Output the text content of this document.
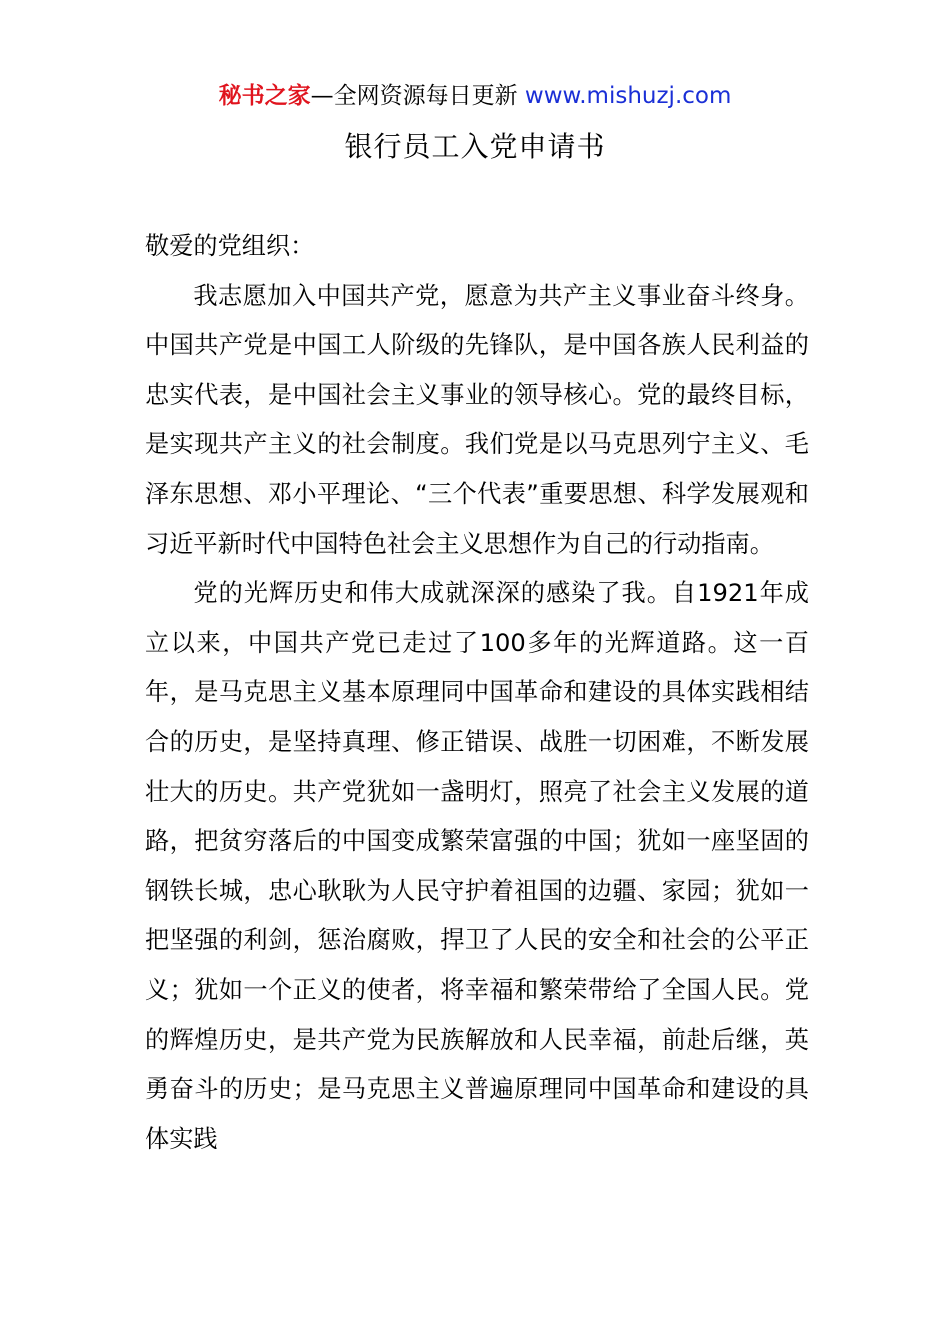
秘书之家—全网资源每日更新 www.mishuzj.com
银行员工入党申请书

敬爱的党组织：

我志愿加入中国共产党，愿意为共产主义事业奋斗终身。中国共产党是中国工人阶级的先锋队，是中国各族人民利益的忠实代表，是中国社会主义事业的领导核心。党的最终目标，是实现共产主义的社会制度。我们党是以马克思列宁主义、毛泽东思想、邓小平理论、“三个代表”重要思想、科学发展观和习近平新时代中国特色社会主义思想作为自己的行动指南。

党的光辉历史和伟大成就深深的感染了我。自1921年成立以来，中国共产党已走过了100多年的光辉道路。这一百年，是马克思主义基本原理同中国革命和建设的具体实践相结合的历史，是坚持真理、修正错误、战胜一切困难，不断发展壮大的历史。共产党犹如一盏明灯，照亮了社会主义发展的道路，把贫穷落后的中国变成繁荣富强的中国；犹如一座坚固的钢铁长城，忠心耿耿为人民守护着祖国的边疆、家园；犹如一把坚强的利剑，惩治腐败，捍卫了人民的安全和社会的公平正义；犹如一个正义的使者，将幸福和繁荣带给了全国人民。党的辉煌历史，是共产党为民族解放和人民幸福，前赴后继，英勇奋斗的历史；是马克思主义普遍原理同中国革命和建设的具体实践
